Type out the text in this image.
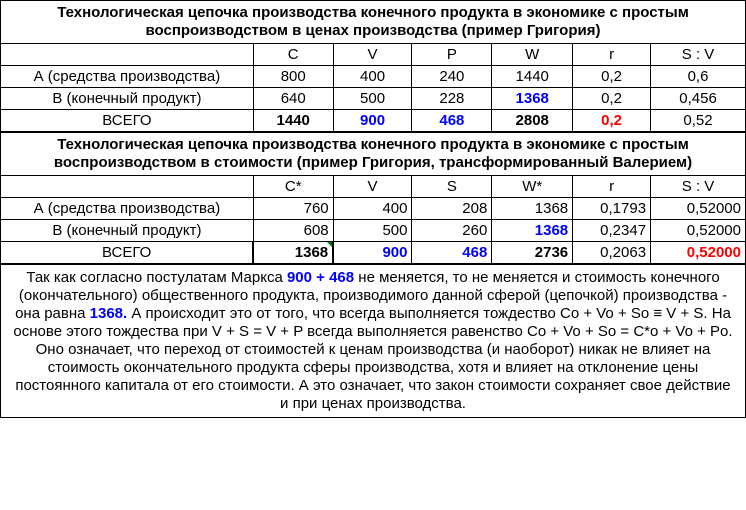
Технологическая цепочка производства конечного продукта в экономике с простым воспроизводством в ценах производства (пример Григория)						
	C	V	P	W	r	S : V
А (средства производства)	800	400	240	1440	0,2	0,6
В (конечный продукт)	640	500	228	1368	0,2	0,456
ВСЕГО	1440	900	468	2808	0,2	0,52
Технологическая цепочка производства конечного продукта в экономике с простым воспроизводством в стоимости (пример Григория, трансформированный Валерием)						
	C*	V	S	W*	r	S : V
А (средства производства)	760	400	208	1368	0,1793	0,52000
В (конечный продукт)	608	500	260	1368	0,2347	0,52000
ВСЕГО	1368	900	468	2736	0,2063	0,52000
Так как согласно постулатам Маркса 900 + 468 не меняется, то не меняется и стоимость конечного (окончательного) общественного продукта, производимого данной сферой (цепочкой) производства - она равна 1368. А происходит это от того, что всегда выполняется тождество Co + Vo + So ≡ V + S. На основе этого тождества при V + S = V + P всегда выполняется равенство Co + Vo + So = C*o + Vo + Po. Оно означает, что переход от стоимостей к ценам производства (и наоборот) никак не влияет на стоимость окончательного продукта сферы производства, хотя и влияет на отклонение цены постоянного капитала от его стоимости. А это означает, что закон стоимости сохраняет свое действие и при ценах производства.						
